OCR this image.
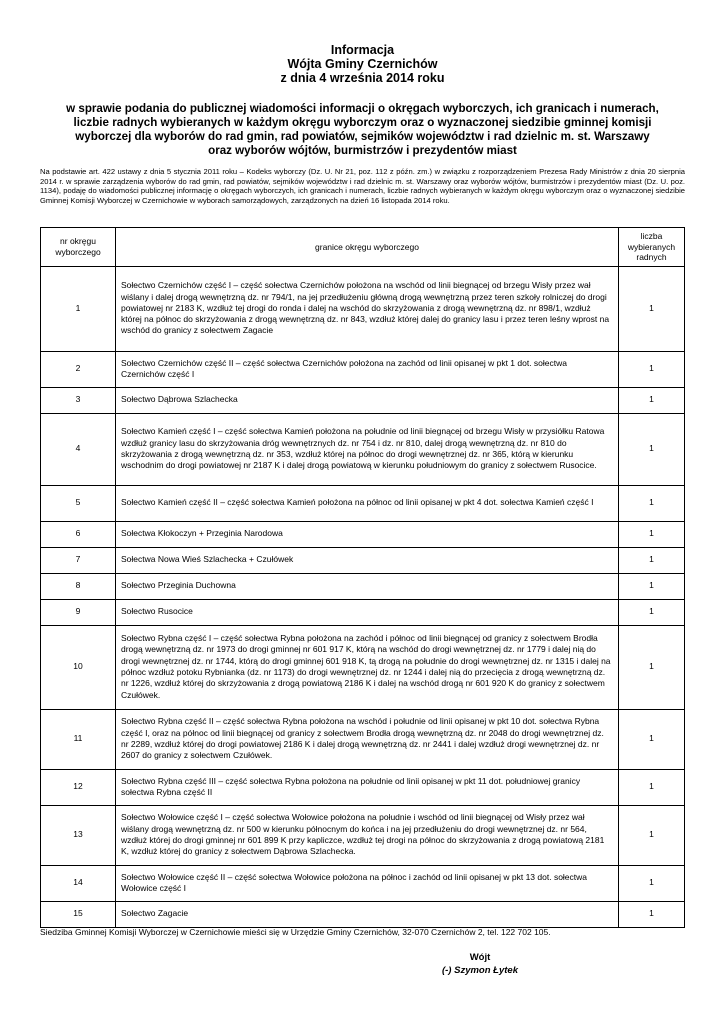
Informacja
Wójta Gminy Czernichów
z dnia 4 września 2014 roku
w sprawie podania do publicznej wiadomości informacji o okręgach wyborczych, ich granicach i numerach,
liczbie radnych wybieranych w każdym okręgu wyborczym oraz o wyznaczonej siedzibie gminnej komisji
wyborczej dla wyborów do rad gmin, rad powiatów, sejmików województw i rad dzielnic m. st. Warszawy
oraz wyborów wójtów, burmistrzów i prezydentów miast
Na podstawie art. 422 ustawy z dnia 5 stycznia 2011 roku – Kodeks wyborczy (Dz. U. Nr 21, poz. 112 z późn. zm.) w związku z rozporządzeniem Prezesa Rady Ministrów z dnia 20 sierpnia 2014 r. w sprawie zarządzenia wyborów do rad gmin, rad powiatów, sejmików województw i rad dzielnic m. st. Warszawy oraz wyborów wójtów, burmistrzów i prezydentów miast (Dz. U. poz. 1134), podaję do wiadomości publicznej informację o okręgach wyborczych, ich granicach i numerach, liczbie radnych wybieranych w każdym okręgu wyborczym oraz o wyznaczonej siedzibie Gminnej Komisji Wyborczej w Czernichowie w wyborach samorządowych, zarządzonych na dzień 16 listopada 2014 roku.
nr okręgu wyborczego	granice okręgu wyborczego	liczba wybieranych radnych
1	Sołectwo Czernichów część I – część sołectwa Czernichów położona na wschód od linii biegnącej od brzegu Wisły przez wał wiślany i dalej drogą wewnętrzną dz. nr 794/1, na jej przedłużeniu główną drogą wewnętrzną przez teren szkoły rolniczej do drogi powiatowej nr 2183 K, wzdłuż tej drogi do ronda i dalej na wschód do skrzyżowania z drogą wewnętrzną dz. nr 898/1, wzdłuż której na północ do skrzyżowania z drogą wewnętrzną dz. nr 843, wzdłuż której dalej do granicy lasu i przez teren leśny wprost na wschód do granicy z sołectwem Zagacie	1
2	Sołectwo Czernichów część II – część sołectwa Czernichów położona na zachód od linii opisanej w pkt 1 dot. sołectwa Czernichów część I	1
3	Sołectwo Dąbrowa Szlachecka	1
4	Sołectwo Kamień część I – część sołectwa Kamień położona na południe od linii biegnącej od brzegu Wisły w przysiółku Ratowa wzdłuż granicy lasu do skrzyżowania dróg wewnętrznych dz. nr 754 i dz. nr 810, dalej drogą wewnętrzną dz. nr 810 do skrzyżowania z drogą wewnętrzną dz. nr 353, wzdłuż której na północ do drogi wewnętrznej dz. nr 365, którą w kierunku wschodnim do drogi powiatowej nr 2187 K i dalej drogą powiatową w kierunku południowym do granicy z sołectwem Rusocice.	1
5	Sołectwo Kamień część II – część sołectwa Kamień położona na północ od linii opisanej w pkt 4 dot. sołectwa Kamień część I	1
6	Sołectwa Kłokoczyn + Przeginia Narodowa	1
7	Sołectwa Nowa Wieś Szlachecka + Czułówek	1
8	Sołectwo Przeginia Duchowna	1
9	Sołectwo Rusocice	1
10	Sołectwo Rybna część I – część sołectwa Rybna położona na zachód i północ od linii biegnącej od granicy z sołectwem Brodła drogą wewnętrzną dz. nr 1973 do drogi gminnej nr 601 917 K, którą na wschód do drogi wewnętrznej dz. nr 1779 i dalej nią do drogi wewnętrznej dz. nr 1744, którą do drogi gminnej 601 918 K, tą drogą na południe do drogi wewnętrznej dz. nr 1315 i dalej na północ wzdłuż potoku Rybnianka (dz. nr 1173) do drogi wewnętrznej dz. nr 1244 i dalej nią do przecięcia z drogą wewnętrzną dz. nr 1226, wzdłuż której do skrzyżowania z drogą powiatową 2186 K i dalej na wschód drogą nr 601 920 K do granicy z sołectwem Czułówek.	1
11	Sołectwo Rybna część II – część sołectwa Rybna położona na wschód i południe od linii opisanej w pkt 10 dot. sołectwa Rybna część I, oraz na północ od linii biegnącej od granicy z sołectwem Brodła drogą wewnętrzną dz. nr 2048 do drogi wewnętrznej dz. nr 2289, wzdłuż której do drogi powiatowej 2186 K i dalej drogą wewnętrzną dz. nr 2441 i dalej wzdłuż drogi wewnętrznej dz. nr 2607 do granicy z sołectwem Czułówek.	1
12	Sołectwo Rybna część III – część sołectwa Rybna położona na południe od linii opisanej w pkt 11 dot. południowej granicy sołectwa Rybna część II	1
13	Sołectwo Wołowice część I – część sołectwa Wołowice położona na południe i wschód od linii biegnącej od Wisły przez wał wiślany drogą wewnętrzną dz. nr 500 w kierunku północnym do końca i na jej przedłużeniu do drogi wewnętrznej dz. nr 564, wzdłuż której do drogi gminnej nr 601 899 K przy kapliczce, wzdłuż tej drogi na północ do skrzyżowania z drogą powiatową 2181 K, wzdłuż której do granicy z sołectwem Dąbrowa Szlachecka.	1
14	Sołectwo Wołowice część II – część sołectwa Wołowice położona na północ i zachód od linii opisanej w pkt 13 dot. sołectwa Wołowice część I	1
15	Sołectwo Zagacie	1
Siedziba Gminnej Komisji Wyborczej w Czernichowie mieści się w Urzędzie Gminy Czernichów, 32-070 Czernichów 2, tel. 122 702 105.
Wójt
(-) Szymon Łytek
